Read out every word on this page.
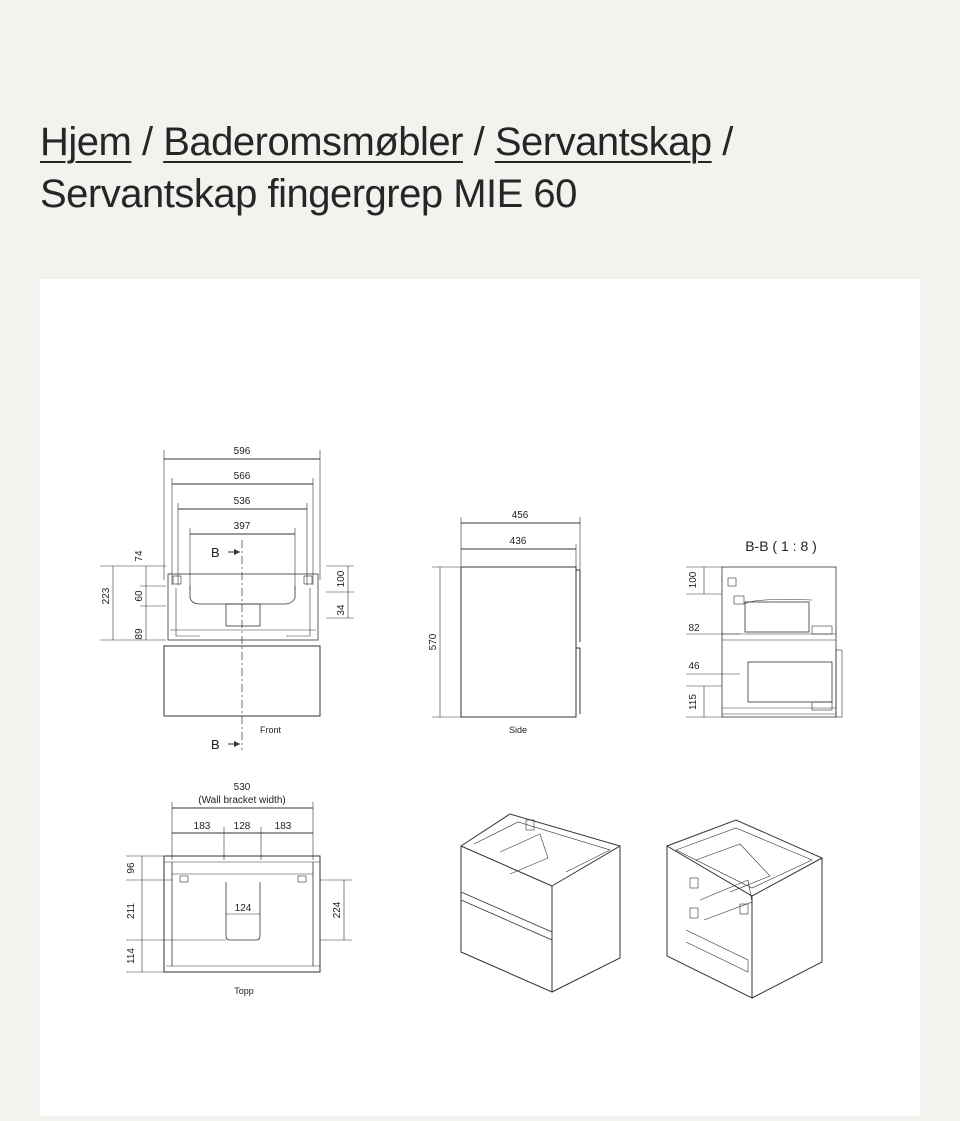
Hjem / Baderomsmøbler / Servantskap / Servantskap fingergrep MIE 60
596
566
536
397
B
B
Front
74
60
223
89
100
34
456
436
570
Side
B-B ( 1 : 8 )
100
82
46
115
530
(Wall bracket width)
183 128 183
96
211
114
124	224
Topp
